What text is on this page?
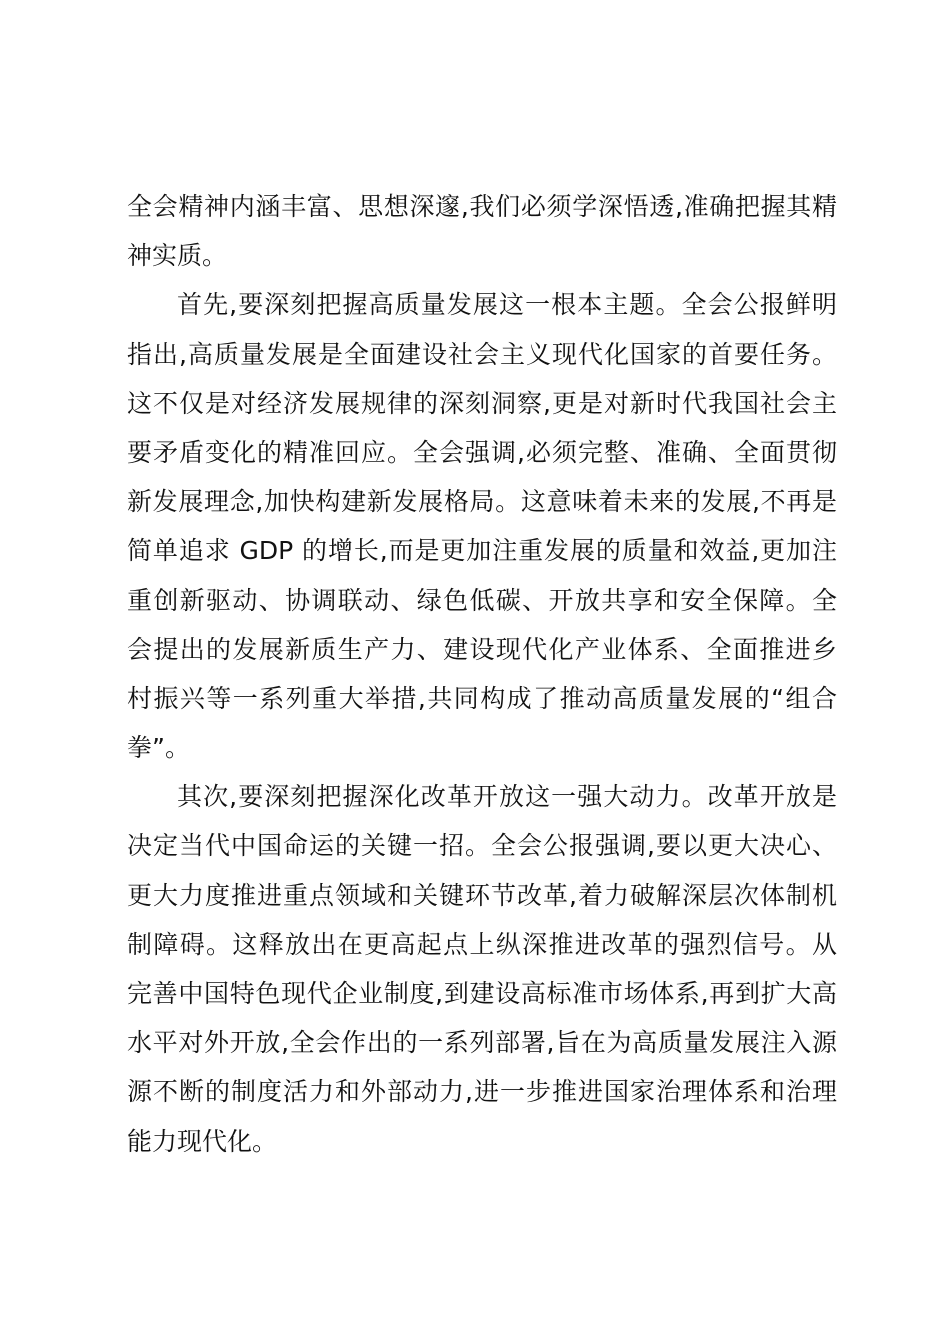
全会精神内涵丰富、思想深邃,我们必须学深悟透,准确把握其精
神实质。
首先,要深刻把握高质量发展这一根本主题。全会公报鲜明
指出,高质量发展是全面建设社会主义现代化国家的首要任务。
这不仅是对经济发展规律的深刻洞察,更是对新时代我国社会主
要矛盾变化的精准回应。全会强调,必须完整、准确、全面贯彻
新发展理念,加快构建新发展格局。这意味着未来的发展,不再是
简单追求 GDP 的增长,而是更加注重发展的质量和效益,更加注
重创新驱动、协调联动、绿色低碳、开放共享和安全保障。全
会提出的发展新质生产力、建设现代化产业体系、全面推进乡
村振兴等一系列重大举措,共同构成了推动高质量发展的“组合
拳”。
其次,要深刻把握深化改革开放这一强大动力。改革开放是
决定当代中国命运的关键一招。全会公报强调,要以更大决心、
更大力度推进重点领域和关键环节改革,着力破解深层次体制机
制障碍。这释放出在更高起点上纵深推进改革的强烈信号。从
完善中国特色现代企业制度,到建设高标准市场体系,再到扩大高
水平对外开放,全会作出的一系列部署,旨在为高质量发展注入源
源不断的制度活力和外部动力,进一步推进国家治理体系和治理
能力现代化。
